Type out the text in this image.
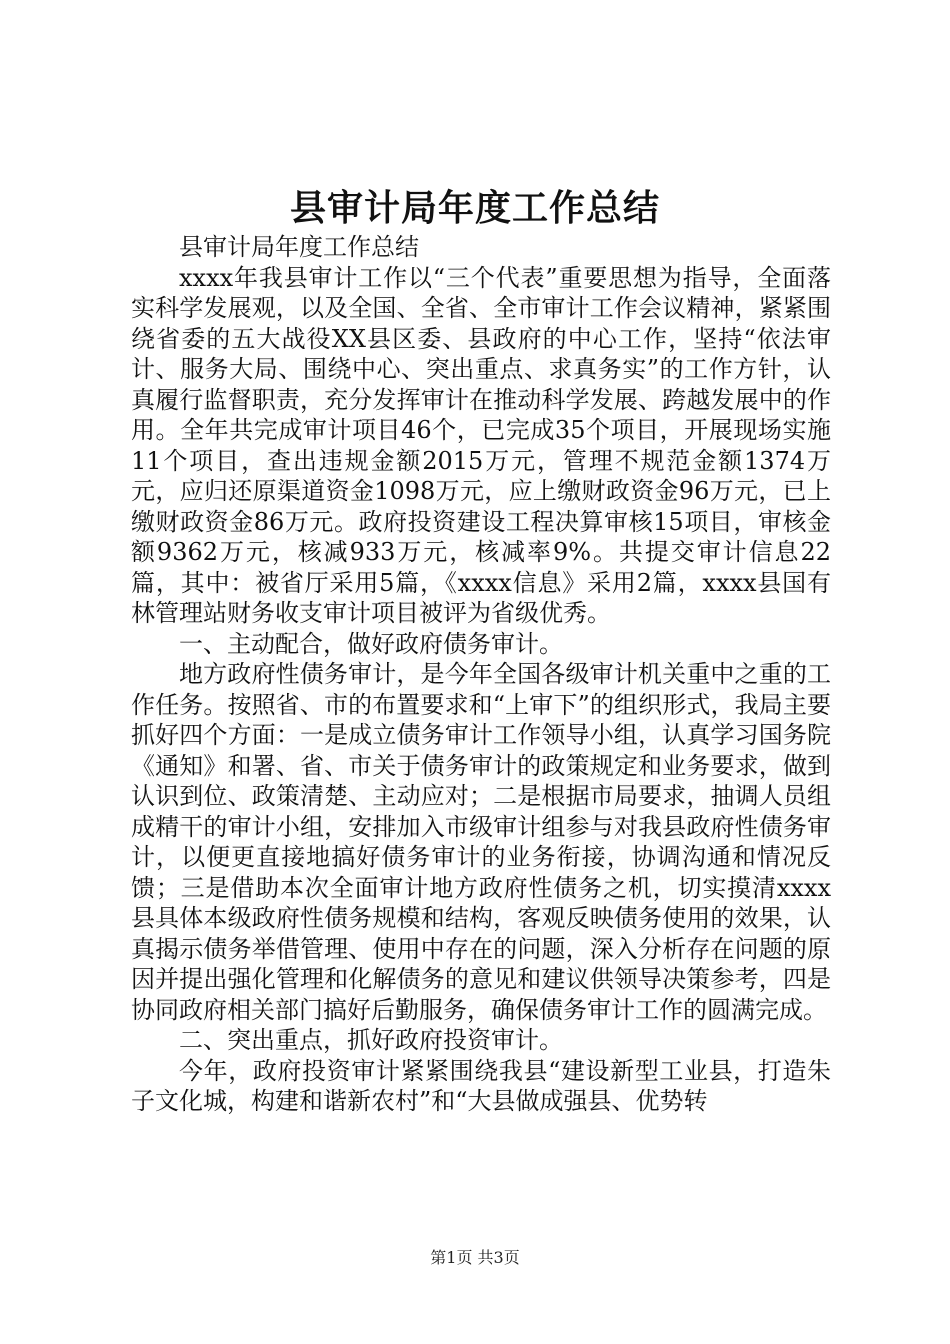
县审计局年度工作总结

县审计局年度工作总结

xxxx年我县审计工作以“三个代表”重要思想为指导，全面落实科学发展观，以及全国、全省、全市审计工作会议精神，紧紧围绕省委的五大战役XX县区委、县政府的中心工作，坚持“依法审计、服务大局、围绕中心、突出重点、求真务实”的工作方针，认真履行监督职责，充分发挥审计在推动科学发展、跨越发展中的作用。全年共完成审计项目46个，已完成35个项目，开展现场实施11个项目，查出违规金额2015万元，管理不规范金额1374万元，应归还原渠道资金1098万元，应上缴财政资金96万元，已上缴财政资金86万元。政府投资建设工程决算审核15项目，审核金额9362万元，核减933万元，核减率9%。共提交审计信息22篇，其中：被省厅采用5篇，《xxxx信息》采用2篇，xxxx县国有林管理站财务收支审计项目被评为省级优秀。

一、主动配合，做好政府债务审计。

地方政府性债务审计，是今年全国各级审计机关重中之重的工作任务。按照省、市的布置要求和“上审下”的组织形式，我局主要抓好四个方面：一是成立债务审计工作领导小组，认真学习国务院《通知》和署、省、市关于债务审计的政策规定和业务要求，做到认识到位、政策清楚、主动应对；二是根据市局要求，抽调人员组成精干的审计小组，安排加入市级审计组参与对我县政府性债务审计，以便更直接地搞好债务审计的业务衔接，协调沟通和情况反馈；三是借助本次全面审计地方政府性债务之机，切实摸清xxxx县具体本级政府性债务规模和结构，客观反映债务使用的效果，认真揭示债务举借管理、使用中存在的问题，深入分析存在问题的原因并提出强化管理和化解债务的意见和建议供领导决策参考，四是协同政府相关部门搞好后勤服务，确保债务审计工作的圆满完成。

二、突出重点，抓好政府投资审计。

今年，政府投资审计紧紧围绕我县“建设新型工业县，打造朱子文化城，构建和谐新农村”和“大县做成强县、优势转

第1页 共3页
